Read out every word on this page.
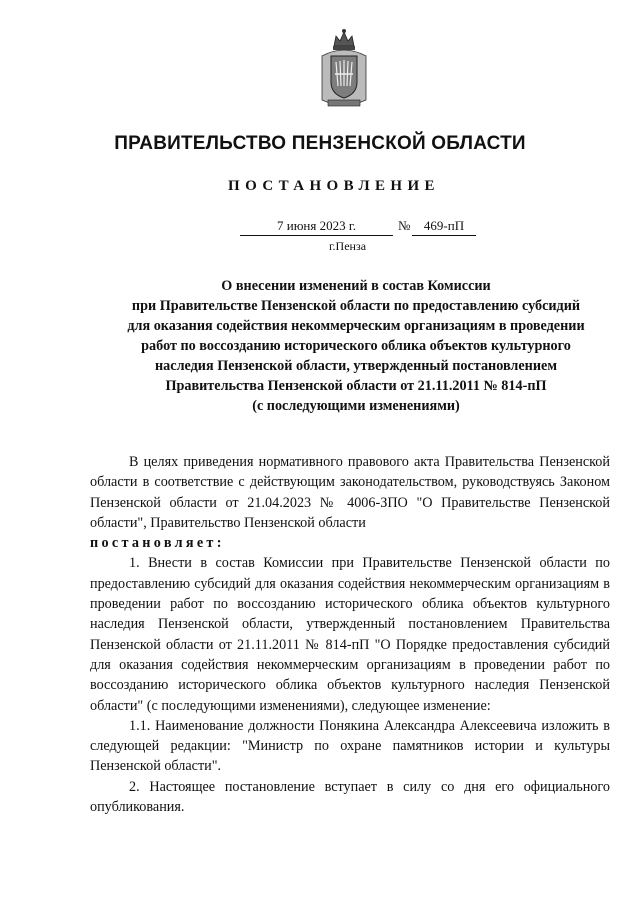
ПРАВИТЕЛЬСТВО ПЕНЗЕНСКОЙ ОБЛАСТИ
ПОСТАНОВЛЕНИЕ
7 июня 2023 г.	№	469-пП
г.Пенза
О внесении изменений в состав Комиссии
при Правительстве Пензенской области по предоставлению субсидий
для оказания содействия некоммерческим организациям в проведении
работ по воссозданию исторического облика объектов культурного
наследия Пензенской области, утвержденный постановлением
Правительства Пензенской области от 21.11.2011 № 814-пП
(с последующими изменениями)

В целях приведения нормативного правового акта Правительства Пензенской области в соответствие с действующим законодательством, руководствуясь Законом Пензенской области от 21.04.2023 № 4006-ЗПО "О Правительстве Пензенской области", Правительство Пензенской области

постановляет:

1. Внести в состав Комиссии при Правительстве Пензенской области по предоставлению субсидий для оказания содействия некоммерческим организациям в проведении работ по воссозданию исторического облика объектов культурного наследия Пензенской области, утвержденный постановлением Правительства Пензенской области от 21.11.2011 № 814-пП "О Порядке предоставления субсидий для оказания содействия некоммерческим организациям в проведении работ по воссозданию исторического облика объектов культурного наследия Пензенской области" (с последующими изменениями), следующее изменение:

1.1. Наименование должности Понякина Александра Алексеевича изложить в следующей редакции: "Министр по охране памятников истории и культуры Пензенской области".

2. Настоящее постановление вступает в силу со дня его официального опубликования.
